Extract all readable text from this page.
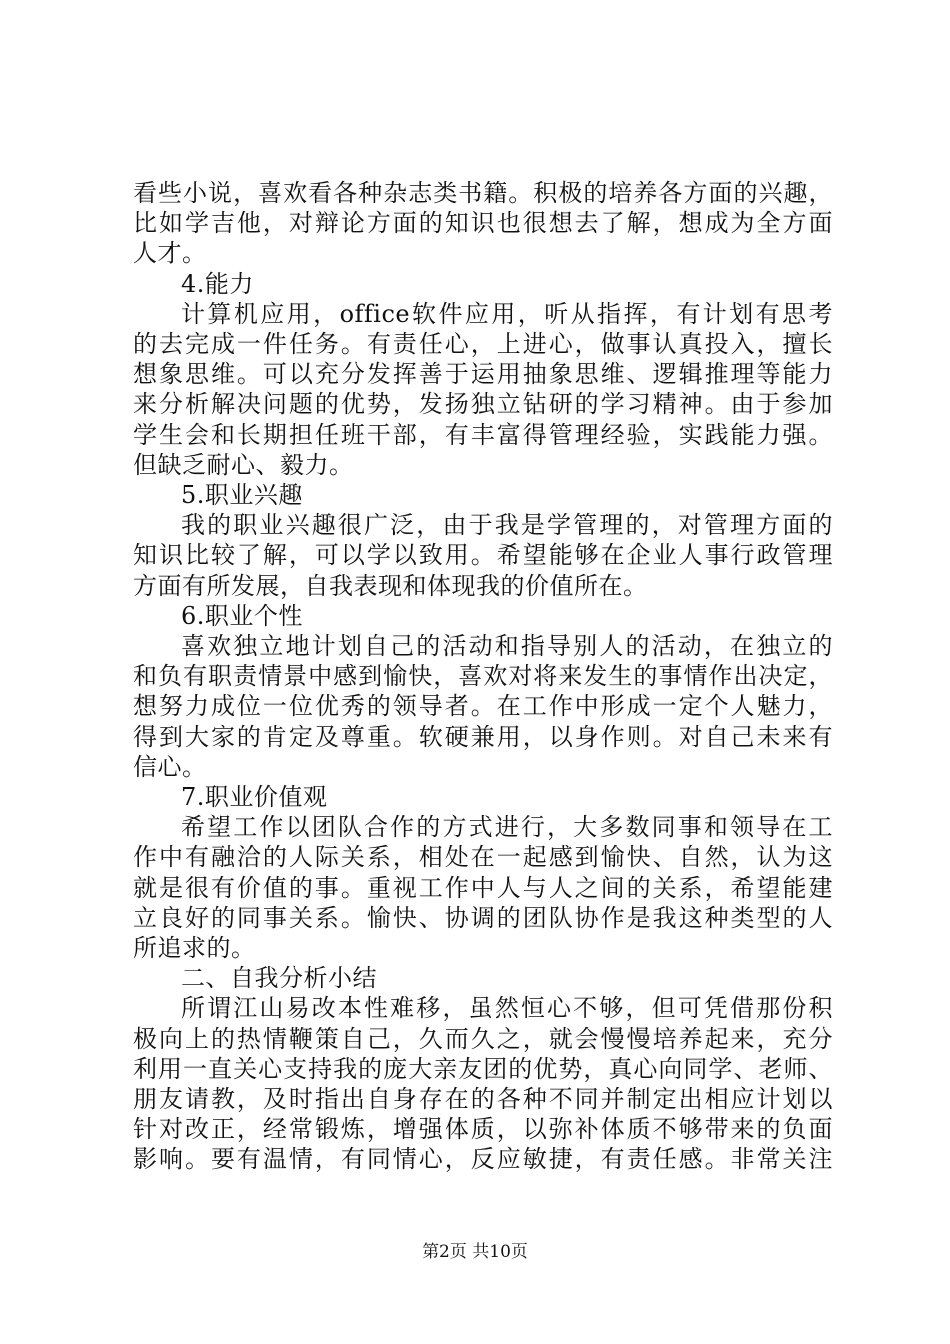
看些小说，喜欢看各种杂志类书籍。积极的培养各方面的兴趣，
比如学吉他，对辩论方面的知识也很想去了解，想成为全方面
人才。
4.能力
计算机应用，office软件应用，听从指挥，有计划有思考
的去完成一件任务。有责任心，上进心，做事认真投入，擅长
想象思维。可以充分发挥善于运用抽象思维、逻辑推理等能力
来分析解决问题的优势，发扬独立钻研的学习精神。由于参加
学生会和长期担任班干部，有丰富得管理经验，实践能力强。
但缺乏耐心、毅力。
5.职业兴趣
我的职业兴趣很广泛，由于我是学管理的，对管理方面的
知识比较了解，可以学以致用。希望能够在企业人事行政管理
方面有所发展，自我表现和体现我的价值所在。
6.职业个性
喜欢独立地计划自己的活动和指导别人的活动，在独立的
和负有职责情景中感到愉快，喜欢对将来发生的事情作出决定，
想努力成位一位优秀的领导者。在工作中形成一定个人魅力，
得到大家的肯定及尊重。软硬兼用，以身作则。对自己未来有
信心。
7.职业价值观
希望工作以团队合作的方式进行，大多数同事和领导在工
作中有融洽的人际关系，相处在一起感到愉快、自然，认为这
就是很有价值的事。重视工作中人与人之间的关系，希望能建
立良好的同事关系。愉快、协调的团队协作是我这种类型的人
所追求的。
二、自我分析小结
所谓江山易改本性难移，虽然恒心不够，但可凭借那份积
极向上的热情鞭策自己，久而久之，就会慢慢培养起来，充分
利用一直关心支持我的庞大亲友团的优势，真心向同学、老师、
朋友请教，及时指出自身存在的各种不同并制定出相应计划以
第2页 共10页
针对改正，经常锻炼，增强体质，以弥补体质不够带来的负面
影响。要有温情，有同情心，反应敏捷，有责任感。非常关注
